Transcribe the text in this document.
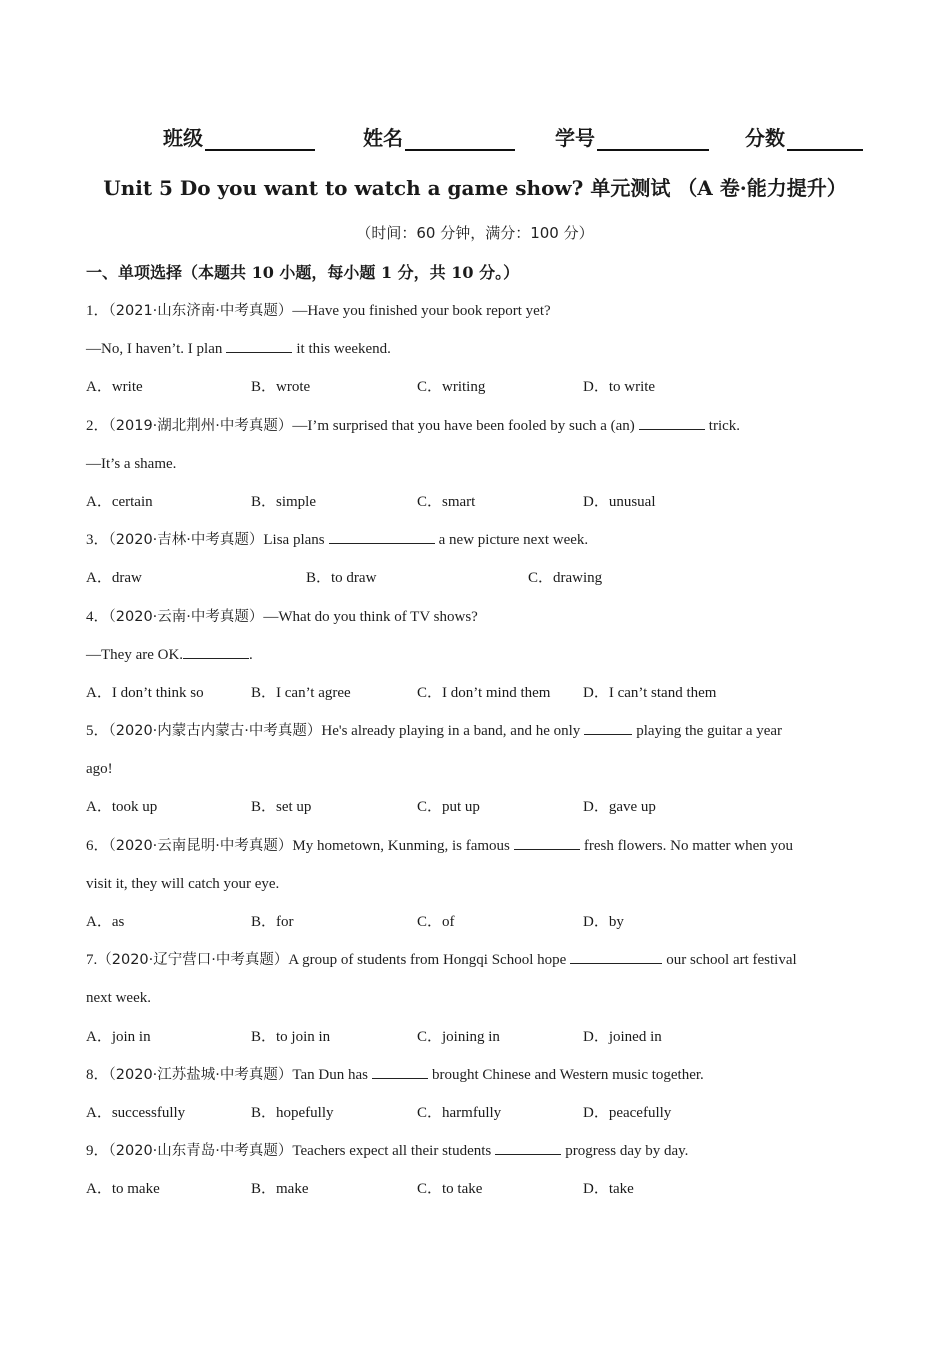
班级	姓名	学号	分数
Unit 5 Do you want to watch a game show? 单元测试 （A 卷·能力提升）
（时间：60 分钟，满分：100 分）
一、单项选择（本题共 10 小题，每小题 1 分，共 10 分。）
1．（2021·山东济南·中考真题）—Have you finished your book report yet?
—No, I haven’t. I plan	it this weekend.
A．write	B．wrote	C．writing	D．to write
2．（2019·湖北荆州·中考真题）—I’m surprised that you have been fooled by such a (an)	trick.
—It’s a shame.
A．certain	B．simple	C．smart	D．unusual
3．（2020·吉林·中考真题）Lisa plans	a new picture next week.
A．draw	B．to draw	C．drawing
4．（2020·云南·中考真题）—What do you think of TV shows?
—They are OK.	.
A．I don’t think so	B．I can’t agree	C．I don’t mind them D．I can’t stand them
5．（2020·内蒙古内蒙古·中考真题）He's already playing in a band, and he only	playing the guitar a year
ago!
A．took up	B．set up	C．put up	D．gave up
6．（2020·云南昆明·中考真题）My hometown, Kunming, is famous	fresh flowers. No matter when you
visit it, they will catch your eye.
A．as	B．for	C．of	D．by
7.（2020·辽宁营口·中考真题）A group of students from Hongqi School hope	our school art festival
next week.
A．join in	B．to join in	C．joining in	D．joined in
8．（2020·江苏盐城·中考真题）Tan Dun has	brought Chinese and Western music together.
A．successfully	B．hopefully	C．harmfully	D．peacefully
9．（2020·山东青岛·中考真题）Teachers expect all their students	progress day by day.
A．to make	B．make	C．to take	D．take
